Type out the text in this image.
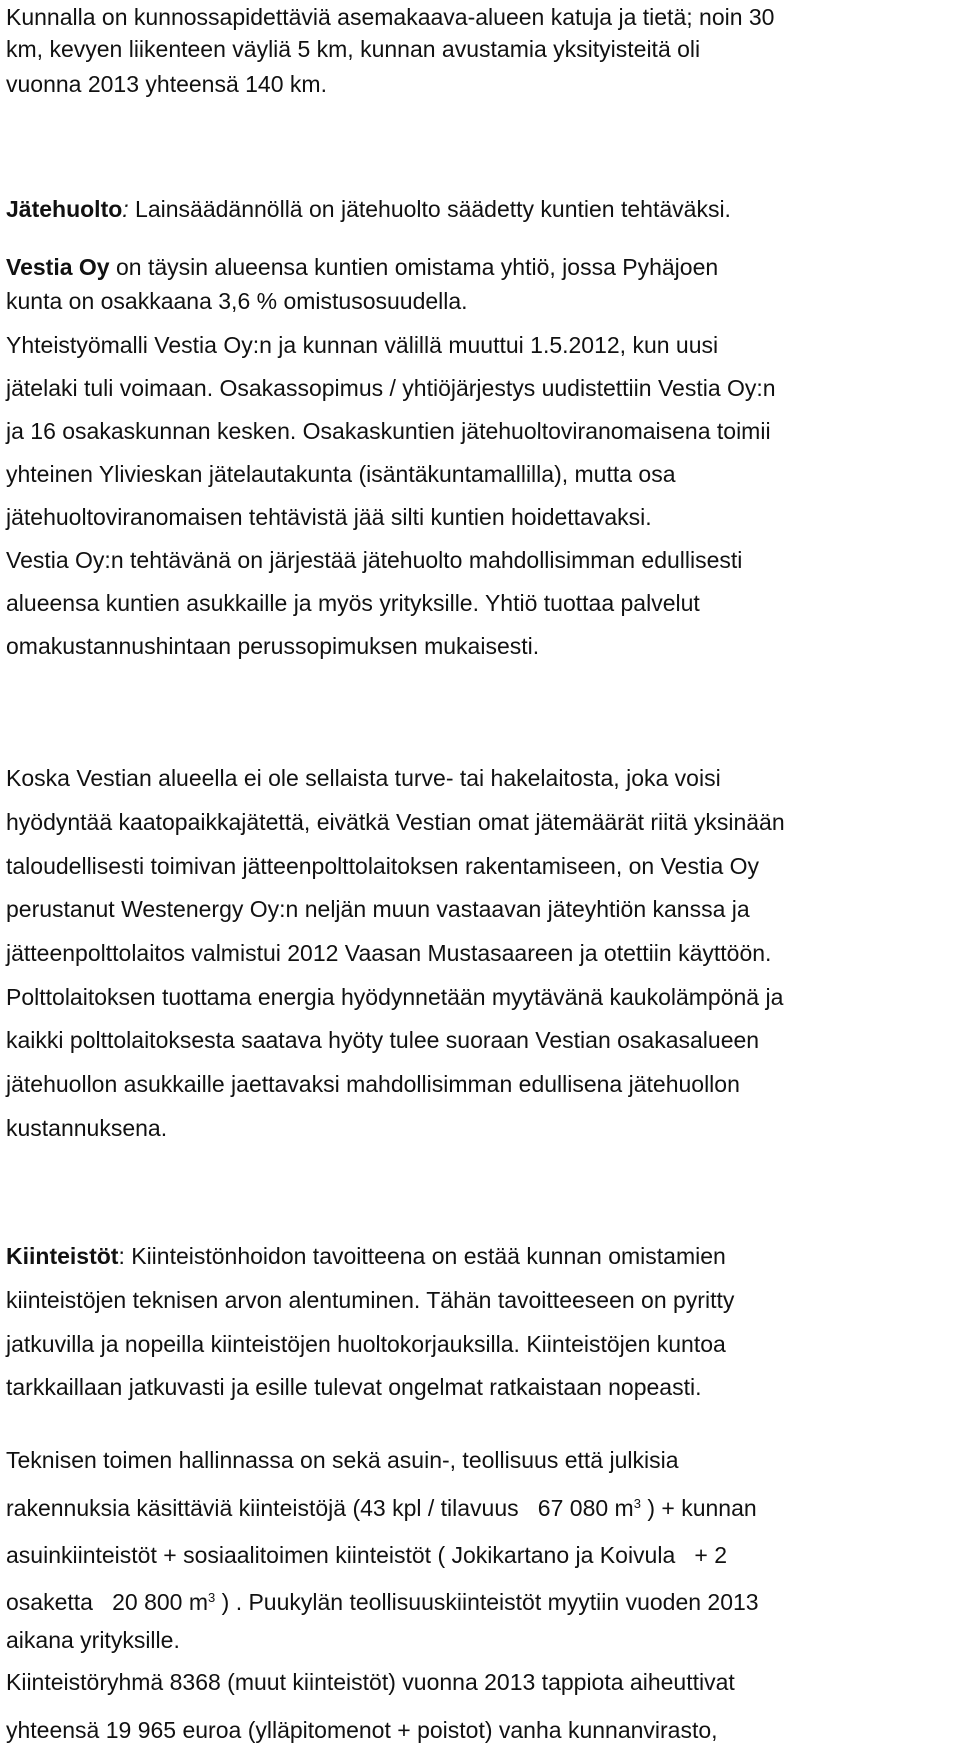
Kunnalla on kunnossapidettäviä asemakaava-alueen katuja ja tietä; noin 30
km, kevyen liikenteen väyliä 5 km, kunnan avustamia yksityisteitä oli
vuonna 2013 yhteensä 140 km.
Jätehuolto: Lainsäädännöllä on jätehuolto säädetty kuntien tehtäväksi.
Vestia Oy on täysin alueensa kuntien omistama yhtiö, jossa Pyhäjoen
kunta on osakkaana 3,6 % omistusosuudella.
Yhteistyömalli Vestia Oy:n ja kunnan välillä muuttui 1.5.2012, kun uusi
jätelaki tuli voimaan. Osakassopimus / yhtiöjärjestys uudistettiin Vestia Oy:n
ja 16 osakaskunnan kesken. Osakaskuntien jätehuoltoviranomaisena toimii
yhteinen Ylivieskan jätelautakunta (isäntäkuntamallilla), mutta osa
jätehuoltoviranomaisen tehtävistä jää silti kuntien hoidettavaksi.
Vestia Oy:n tehtävänä on järjestää jätehuolto mahdollisimman edullisesti
alueensa kuntien asukkaille ja myös yrityksille. Yhtiö tuottaa palvelut
omakustannushintaan perussopimuksen mukaisesti.
Koska Vestian alueella ei ole sellaista turve- tai hakelaitosta, joka voisi
hyödyntää kaatopaikkajätettä, eivätkä Vestian omat jätemäärät riitä yksinään
taloudellisesti toimivan jätteenpolttolaitoksen rakentamiseen, on Vestia Oy
perustanut Westenergy Oy:n neljän muun vastaavan jäteyhtiön kanssa ja
jätteenpolttolaitos valmistui 2012 Vaasan Mustasaareen ja otettiin käyttöön.
Polttolaitoksen tuottama energia hyödynnetään myytävänä kaukolämpönä ja
kaikki polttolaitoksesta saatava hyöty tulee suoraan Vestian osakasalueen
jätehuollon asukkaille jaettavaksi mahdollisimman edullisena jätehuollon
kustannuksena.
Kiinteistöt: Kiinteistönhoidon tavoitteena on estää kunnan omistamien
kiinteistöjen teknisen arvon alentuminen. Tähän tavoitteeseen on pyritty
jatkuvilla ja nopeilla kiinteistöjen huoltokorjauksilla. Kiinteistöjen kuntoa
tarkkaillaan jatkuvasti ja esille tulevat ongelmat ratkaistaan nopeasti.
Teknisen toimen hallinnassa on sekä asuin-, teollisuus että julkisia
rakennuksia käsittäviä kiinteistöjä (43 kpl / tilavuus   67 080 $m^3$ ) + kunnan
asuinkiinteistöt + sosiaalitoimen kiinteistöt ( Jokikartano ja Koivula   + 2
osaketta   20 800 $m^3$ ) . Puukylän teollisuuskiinteistöt myytiin vuoden 2013
aikana yrityksille.
Kiinteistöryhmä 8368 (muut kiinteistöt) vuonna 2013 tappiota aiheuttivat
yhteensä 19 965 euroa (ylläpitomenot + poistot) vanha kunnanvirasto,
